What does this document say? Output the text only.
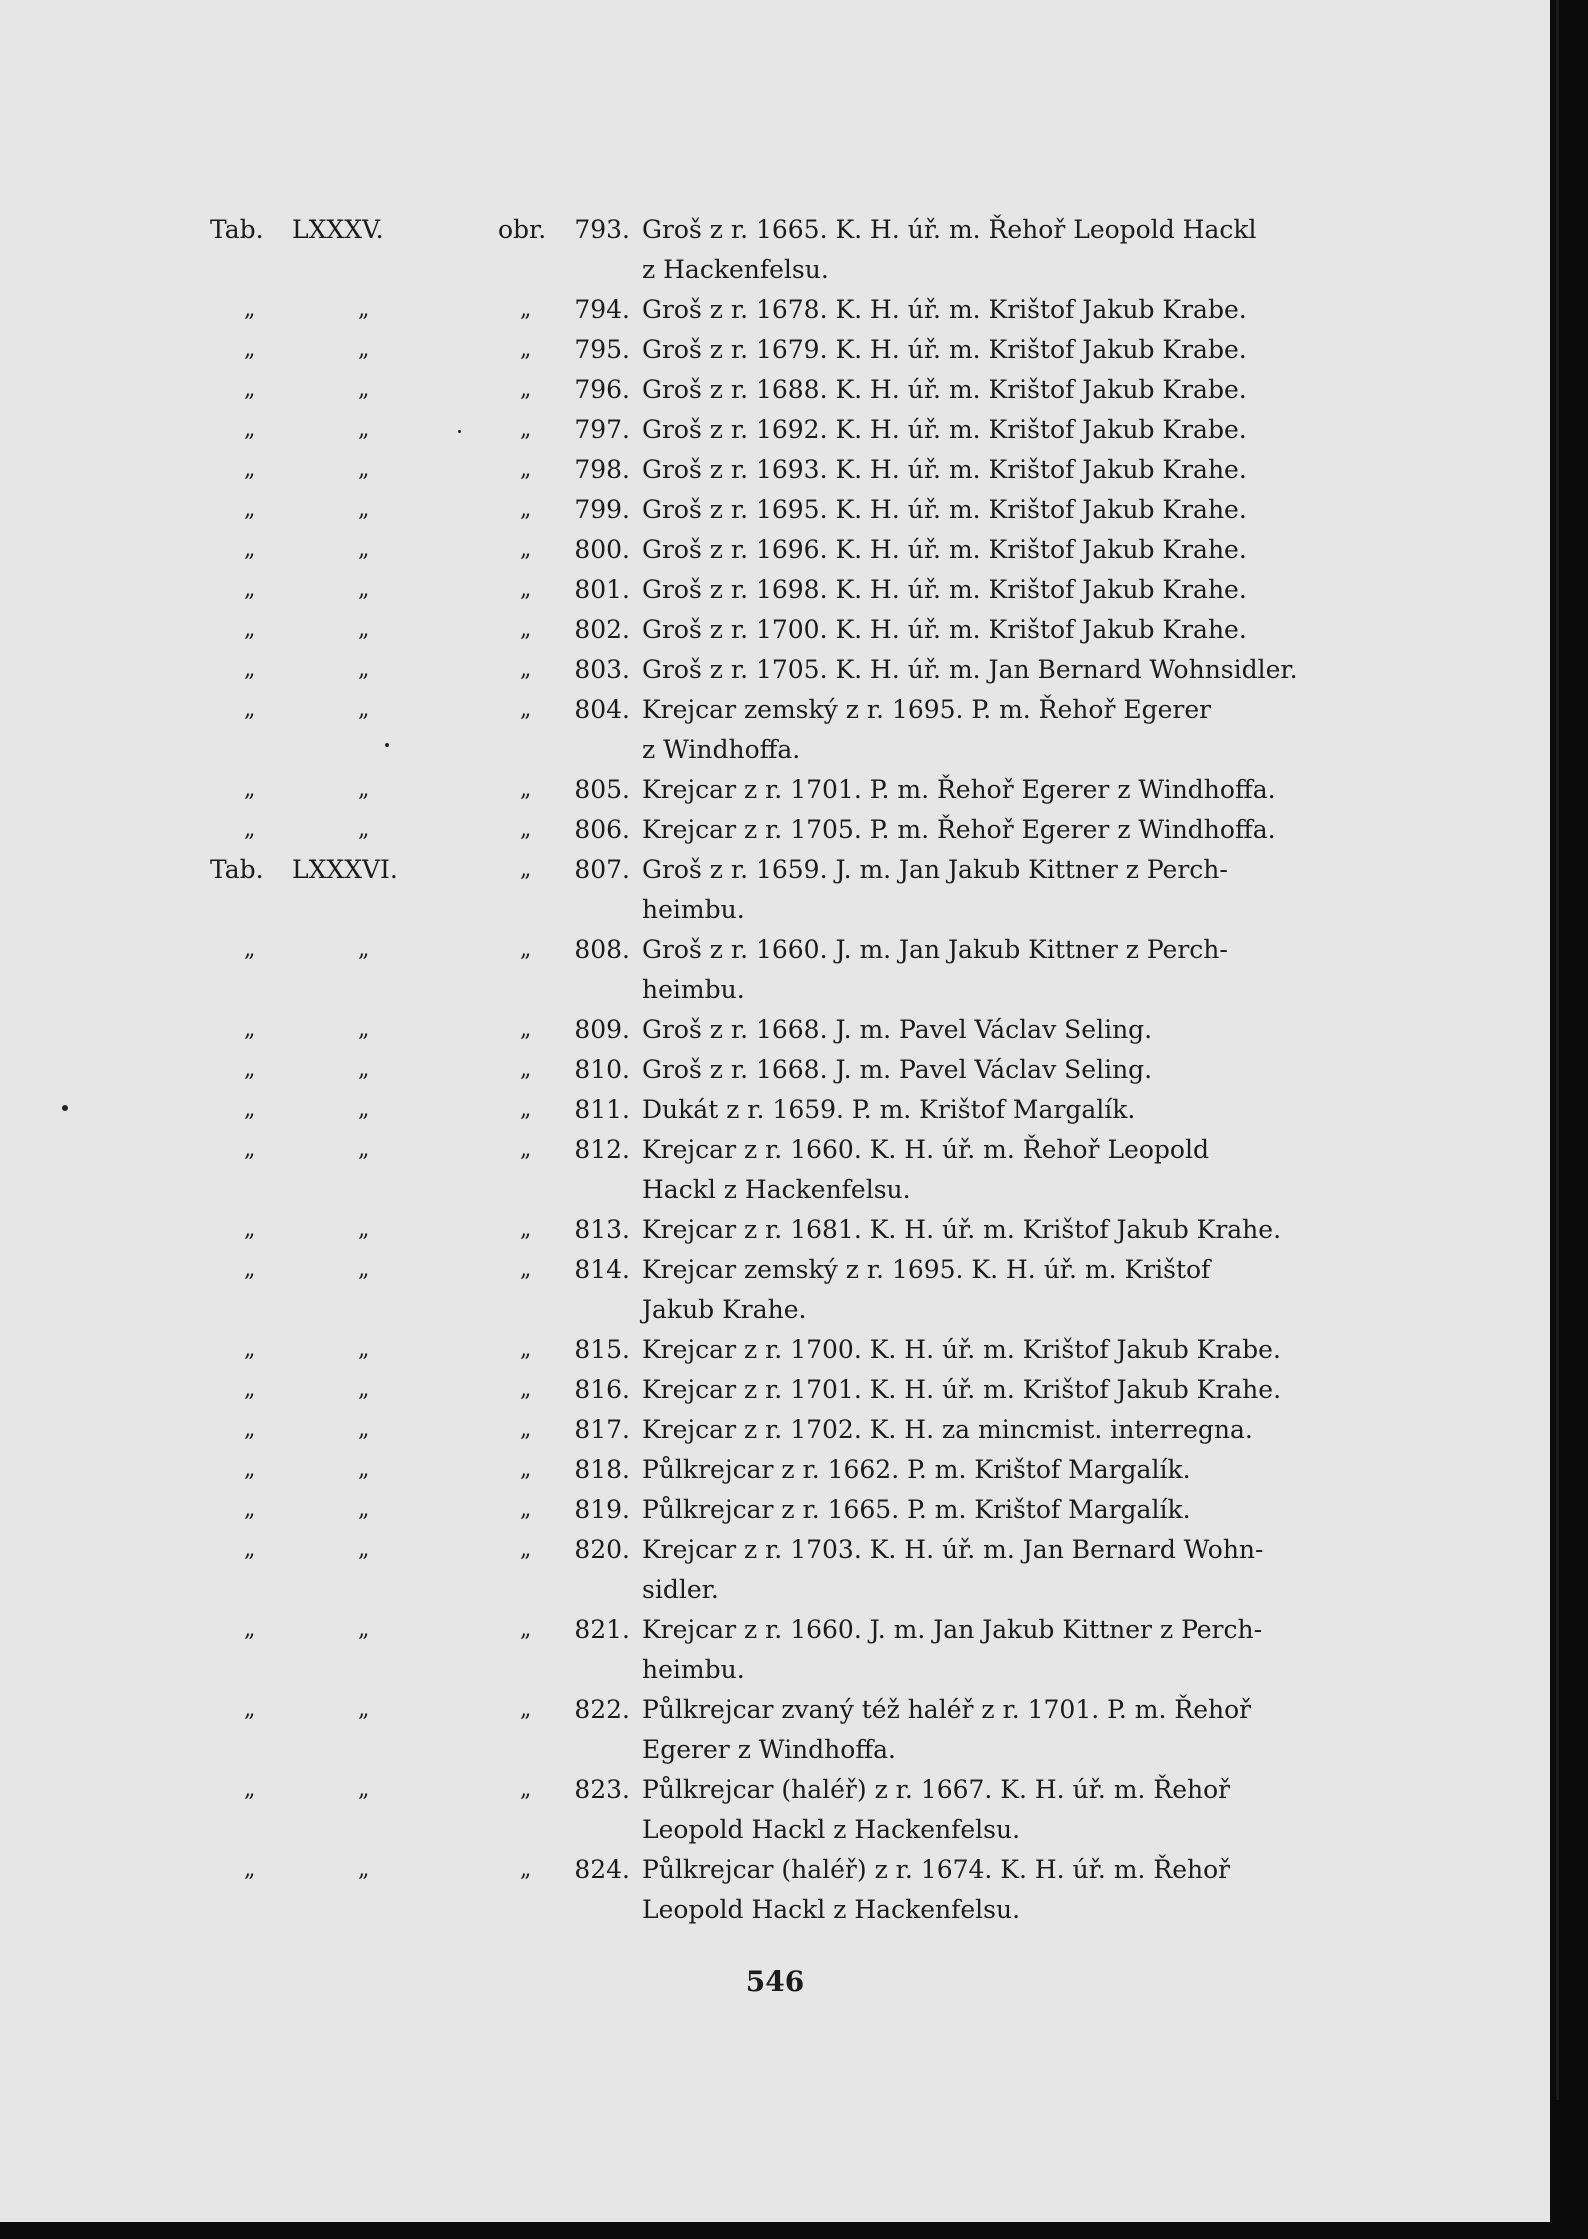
Tab.	LXXXV.	obr.	793. Groš z r. 1665. K. H. úř. m. Řehoř Leopold Hackl
z Hackenfelsu.
„	„	„	794. Groš z r. 1678. K. H. úř. m. Krištof Jakub Krabe.
„	„	„	795. Groš z r. 1679. K. H. úř. m. Krištof Jakub Krabe.
„	„	„	796. Groš z r. 1688. K. H. úř. m. Krištof Jakub Krabe.
„	„	„	797. Groš z r. 1692. K. H. úř. m. Krištof Jakub Krabe.
„	„	„	798. Groš z r. 1693. K. H. úř. m. Krištof Jakub Krahe.
„	„	„	799. Groš z r. 1695. K. H. úř. m. Krištof Jakub Krahe.
„	„	„	800. Groš z r. 1696. K. H. úř. m. Krištof Jakub Krahe.
„	„	„	801. Groš z r. 1698. K. H. úř. m. Krištof Jakub Krahe.
„	„	„	802. Groš z r. 1700. K. H. úř. m. Krištof Jakub Krahe.
„	„	„	803. Groš z r. 1705. K. H. úř. m. Jan Bernard Wohnsidler.
„	„	„	804. Krejcar zemský z r. 1695. P. m. Řehoř Egerer
z Windhoffa.
„	„	„	805. Krejcar z r. 1701. P. m. Řehoř Egerer z Windhoffa.
„	„	„	806. Krejcar z r. 1705. P. m. Řehoř Egerer z Windhoffa.
Tab.	LXXXVI.	„	807. Groš z r. 1659. J. m. Jan Jakub Kittner z Perch-
heimbu.
„	„	„	808. Groš z r. 1660. J. m. Jan Jakub Kittner z Perch-
heimbu.
„	„	„	809. Groš z r. 1668. J. m. Pavel Václav Seling.
„	„	„	810. Groš z r. 1668. J. m. Pavel Václav Seling.
„	„	„	811. Dukát z r. 1659. P. m. Krištof Margalík.
„	„	„	812. Krejcar z r. 1660. K. H. úř. m. Řehoř Leopold
Hackl z Hackenfelsu.
„	„	„	813. Krejcar z r. 1681. K. H. úř. m. Krištof Jakub Krahe.
„	„	„	814. Krejcar zemský z r. 1695. K. H. úř. m. Krištof
Jakub Krahe.
„	„	„	815. Krejcar z r. 1700. K. H. úř. m. Krištof Jakub Krabe.
„	„	„	816. Krejcar z r. 1701. K. H. úř. m. Krištof Jakub Krahe.
„	„	„	817. Krejcar z r. 1702. K. H. za mincmist. interregna.
„	„	„	818. Půlkrejcar z r. 1662. P. m. Krištof Margalík.
„	„	„	819. Půlkrejcar z r. 1665. P. m. Krištof Margalík.
„	„	„	820. Krejcar z r. 1703. K. H. úř. m. Jan Bernard Wohn-
sidler.
„	„	„	821. Krejcar z r. 1660. J. m. Jan Jakub Kittner z Perch-
heimbu.
„	„	„	822. Půlkrejcar zvaný též haléř z r. 1701. P. m. Řehoř
Egerer z Windhoffa.
„	„	„	823. Půlkrejcar (haléř) z r. 1667. K. H. úř. m. Řehoř
Leopold Hackl z Hackenfelsu.
„	„	„	824. Půlkrejcar (haléř) z r. 1674. K. H. úř. m. Řehoř
Leopold Hackl z Hackenfelsu.
546
